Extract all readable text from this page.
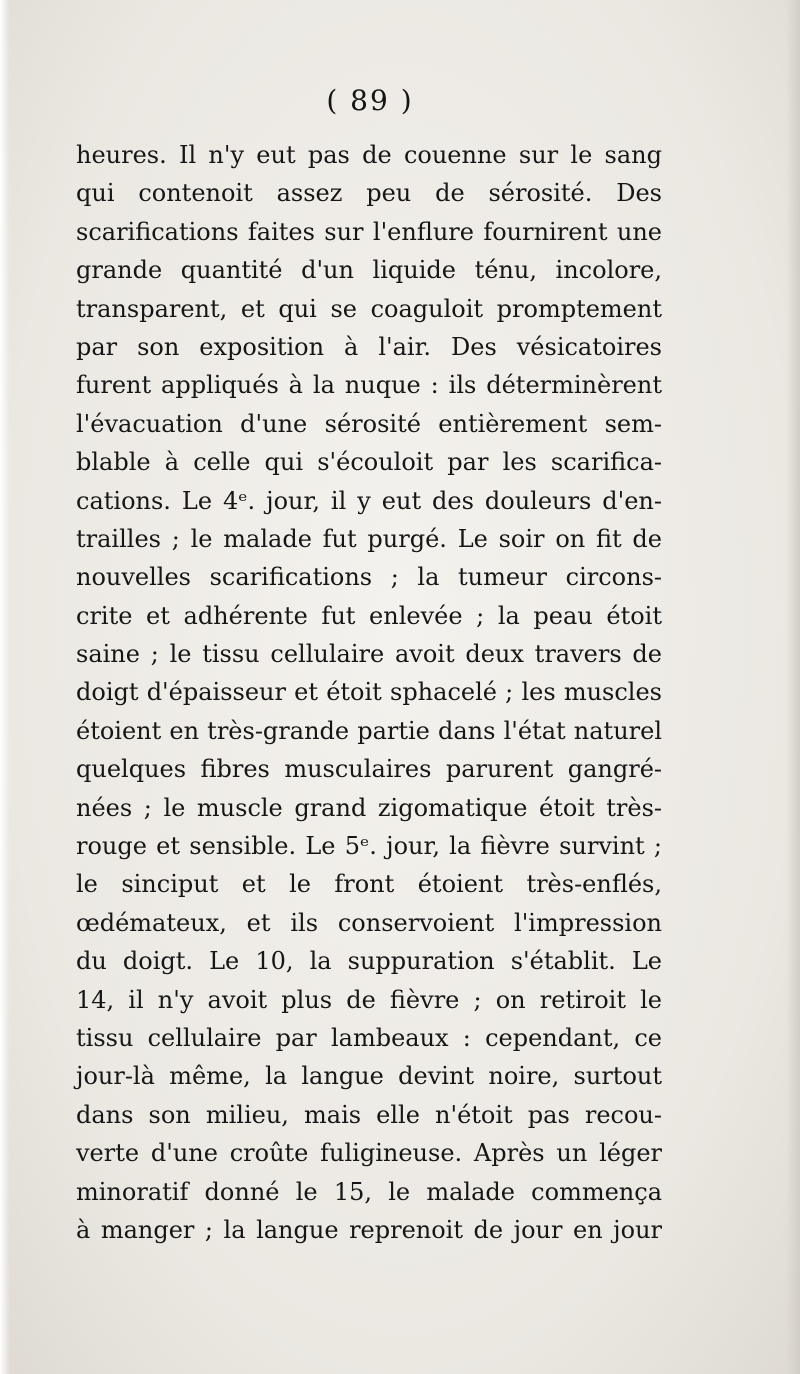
( 89 )
heures. Il n'y eut pas de couenne sur le sang
qui contenoit assez peu de sérosité. Des
scarifications faites sur l'enflure fournirent une
grande quantité d'un liquide ténu, incolore,
transparent, et qui se coaguloit promptement
par son exposition à l'air. Des vésicatoires
furent appliqués à la nuque : ils déterminèrent
l'évacuation d'une sérosité entièrement sem-
blable à celle qui s'écouloit par les scarifica-
cations. Le 4ᵉ. jour, il y eut des douleurs d'en-
trailles ; le malade fut purgé. Le soir on fit de
nouvelles scarifications ; la tumeur circons-
crite et adhérente fut enlevée ; la peau étoit
saine ; le tissu cellulaire avoit deux travers de
doigt d'épaisseur et étoit sphacelé ; les muscles
étoient en très-grande partie dans l'état naturel
quelques fibres musculaires parurent gangré-
nées ; le muscle grand zigomatique étoit très-
rouge et sensible. Le 5ᵉ. jour, la fièvre survint ;
le sinciput et le front étoient très-enflés,
œdémateux, et ils conservoient l'impression
du doigt. Le 10, la suppuration s'établit. Le
14, il n'y avoit plus de fièvre ; on retiroit le
tissu cellulaire par lambeaux : cependant, ce
jour-là même, la langue devint noire, surtout
dans son milieu, mais elle n'étoit pas recou-
verte d'une croûte fuligineuse. Après un léger
minoratif donné le 15, le malade commença
à manger ; la langue reprenoit de jour en jour
